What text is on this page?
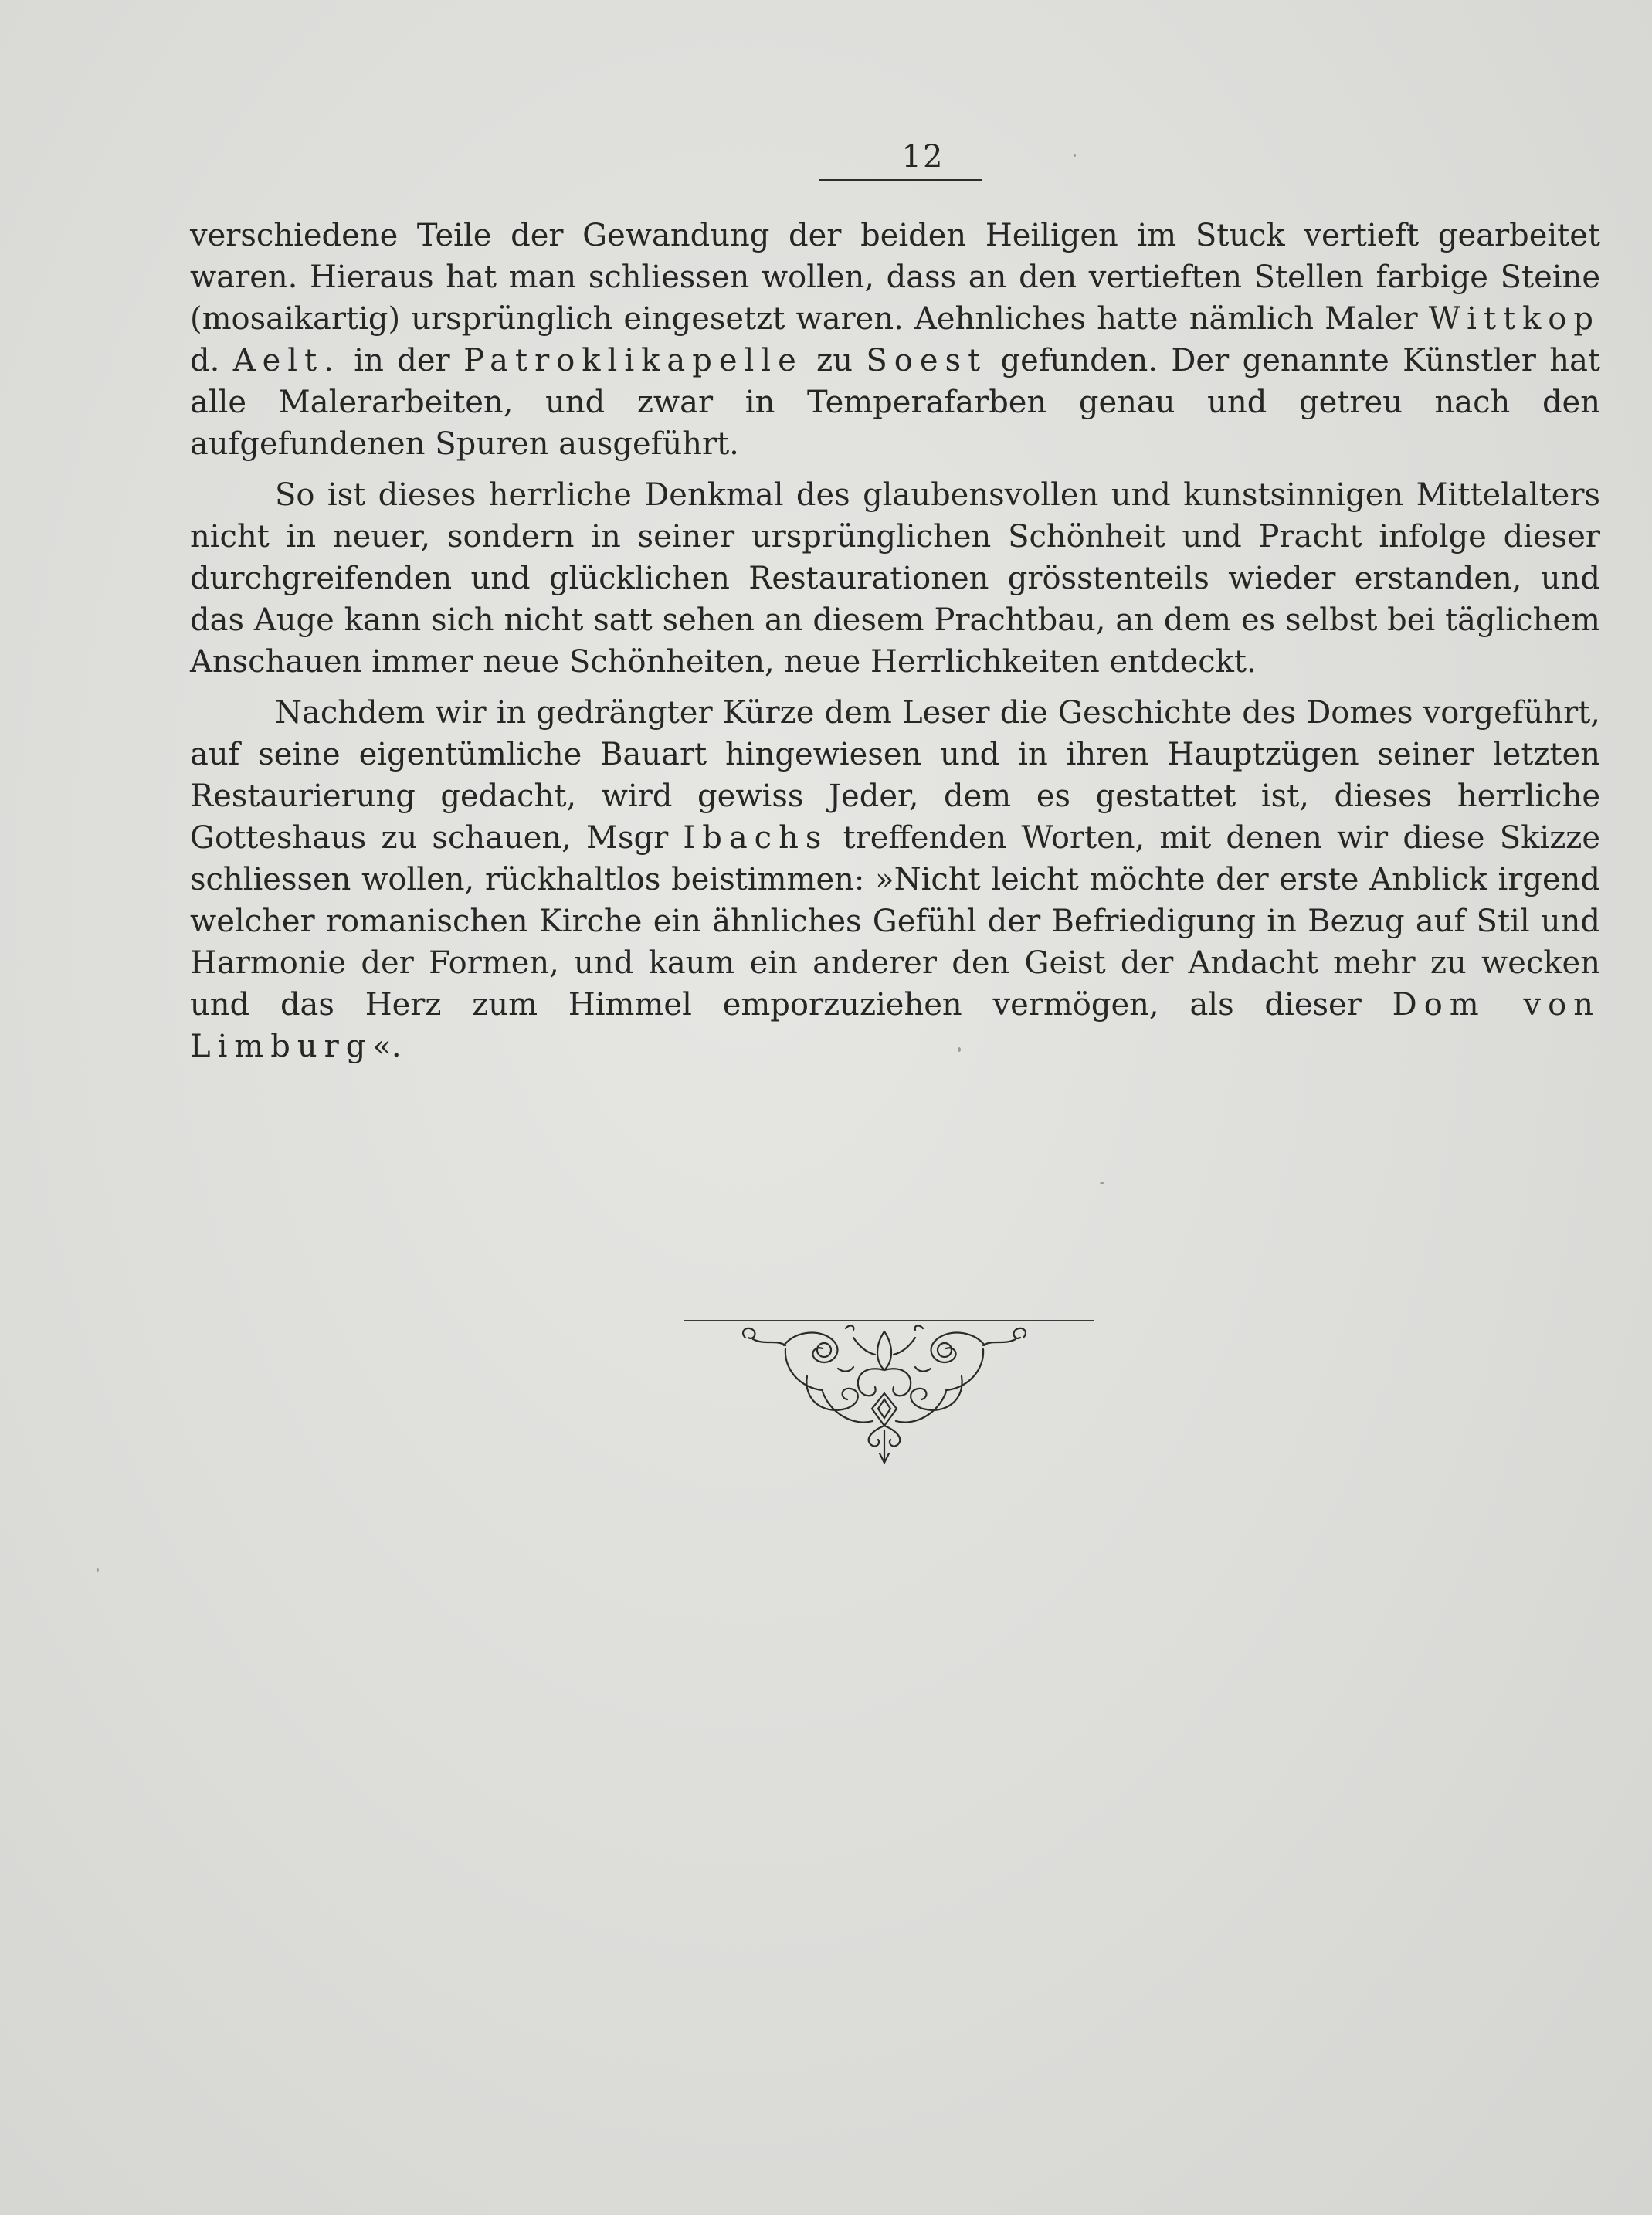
12

verschiedene Teile der Gewandung der beiden Heiligen im Stuck vertieft gearbeitet waren. Hieraus hat man schliessen wollen, dass an den vertieften Stellen farbige Steine (mosaikartig) ursprünglich eingesetzt waren. Aehnliches hatte nämlich Maler Wittkop d. Aelt. in der Patroklikapelle zu Soest gefunden. Der genannte Künstler hat alle Malerarbeiten, und zwar in Temperafarben genau und getreu nach den aufgefundenen Spuren ausgeführt.

So ist dieses herrliche Denkmal des glaubensvollen und kunstsinnigen Mittelalters nicht in neuer, sondern in seiner ursprünglichen Schönheit und Pracht infolge dieser durchgreifenden und glücklichen Restaurationen grösstenteils wieder erstanden, und das Auge kann sich nicht satt sehen an diesem Prachtbau, an dem es selbst bei täglichem Anschauen immer neue Schönheiten, neue Herrlichkeiten entdeckt.

Nachdem wir in gedrängter Kürze dem Leser die Geschichte des Domes vorgeführt, auf seine eigentümliche Bauart hingewiesen und in ihren Hauptzügen seiner letzten Restaurierung gedacht, wird gewiss Jeder, dem es gestattet ist, dieses herrliche Gotteshaus zu schauen, Msgr Ibachs treffenden Worten, mit denen wir diese Skizze schliessen wollen, rückhaltlos beistimmen: »Nicht leicht möchte der erste Anblick irgend welcher romanischen Kirche ein ähnliches Gefühl der Befriedigung in Bezug auf Stil und Harmonie der Formen, und kaum ein anderer den Geist der Andacht mehr zu wecken und das Herz zum Himmel emporzuziehen vermögen, als dieser Dom von Limburg«.
